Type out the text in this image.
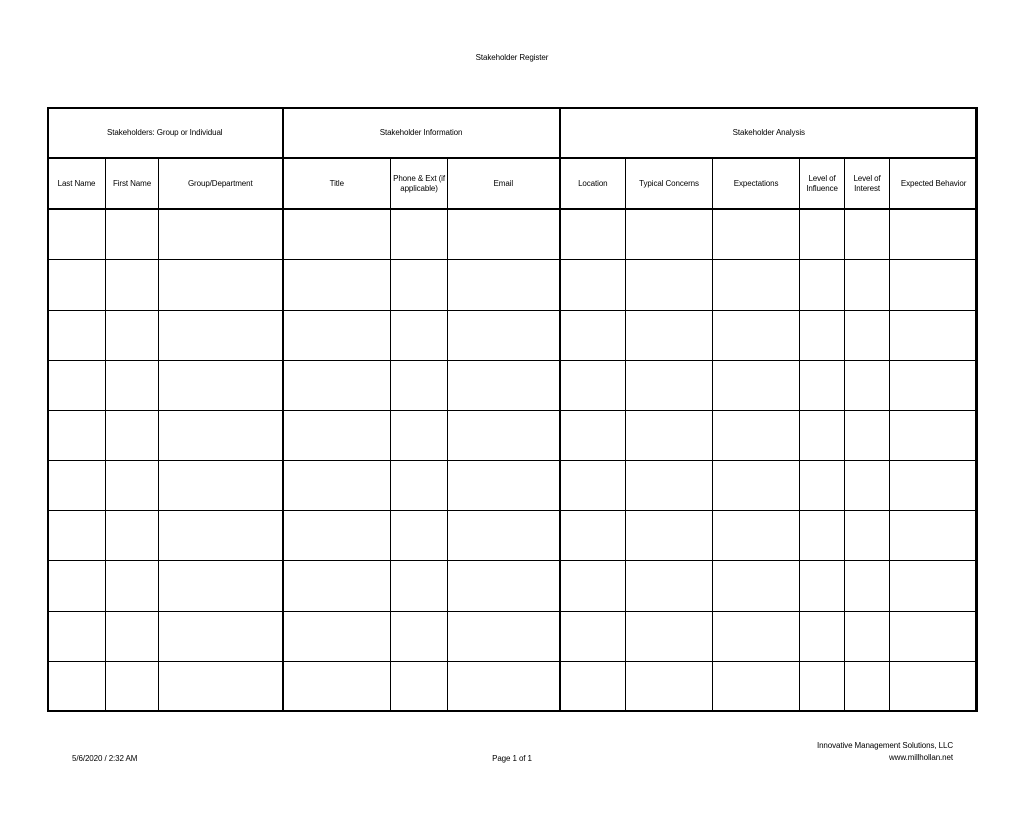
Stakeholder Register
Stakeholders: Group or Individual			Stakeholder Information			Stakeholder Analysis					
Last Name	First Name	Group/Department	Title	Phone & Ext (if applicable)	Email	Location	Typical Concerns	Expectations	Level of Influence	Level of Interest	Expected Behavior

5/6/2020 / 2:32 AM	Page 1 of 1
Innovative Management Solutions, LLC
www.millhollan.net
